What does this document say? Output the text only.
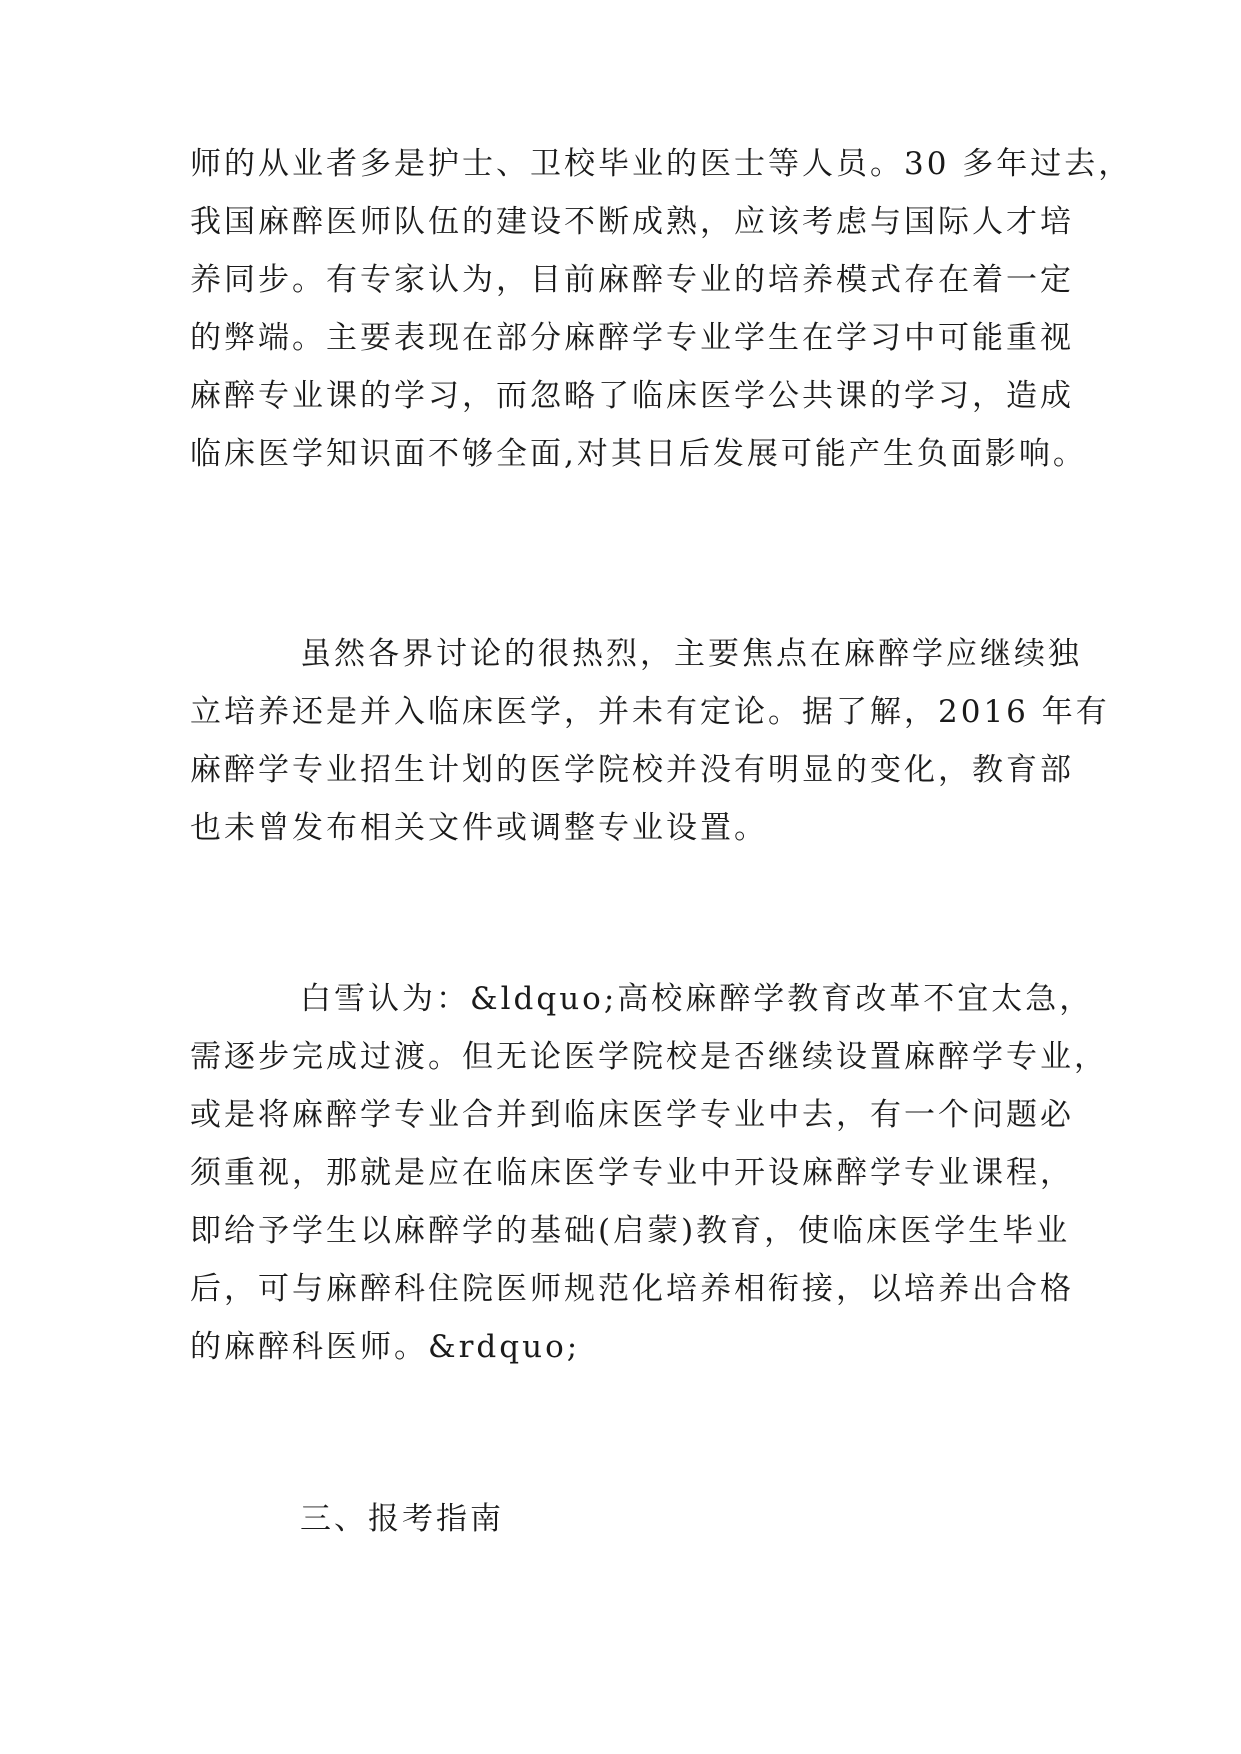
师的从业者多是护士、卫校毕业的医士等人员。30 多年过去，
我国麻醉医师队伍的建设不断成熟，应该考虑与国际人才培
养同步。有专家认为，目前麻醉专业的培养模式存在着一定
的弊端。主要表现在部分麻醉学专业学生在学习中可能重视
麻醉专业课的学习，而忽略了临床医学公共课的学习，造成
临床医学知识面不够全面,对其日后发展可能产生负面影响。
虽然各界讨论的很热烈，主要焦点在麻醉学应继续独
立培养还是并入临床医学，并未有定论。据了解，2016 年有
麻醉学专业招生计划的医学院校并没有明显的变化，教育部
也未曾发布相关文件或调整专业设置。
白雪认为：&ldquo;高校麻醉学教育改革不宜太急，
需逐步完成过渡。但无论医学院校是否继续设置麻醉学专业，
或是将麻醉学专业合并到临床医学专业中去，有一个问题必
须重视，那就是应在临床医学专业中开设麻醉学专业课程，
即给予学生以麻醉学的基础(启蒙)教育，使临床医学生毕业
后，可与麻醉科住院医师规范化培养相衔接，以培养出合格
的麻醉科医师。&rdquo;
三、报考指南
